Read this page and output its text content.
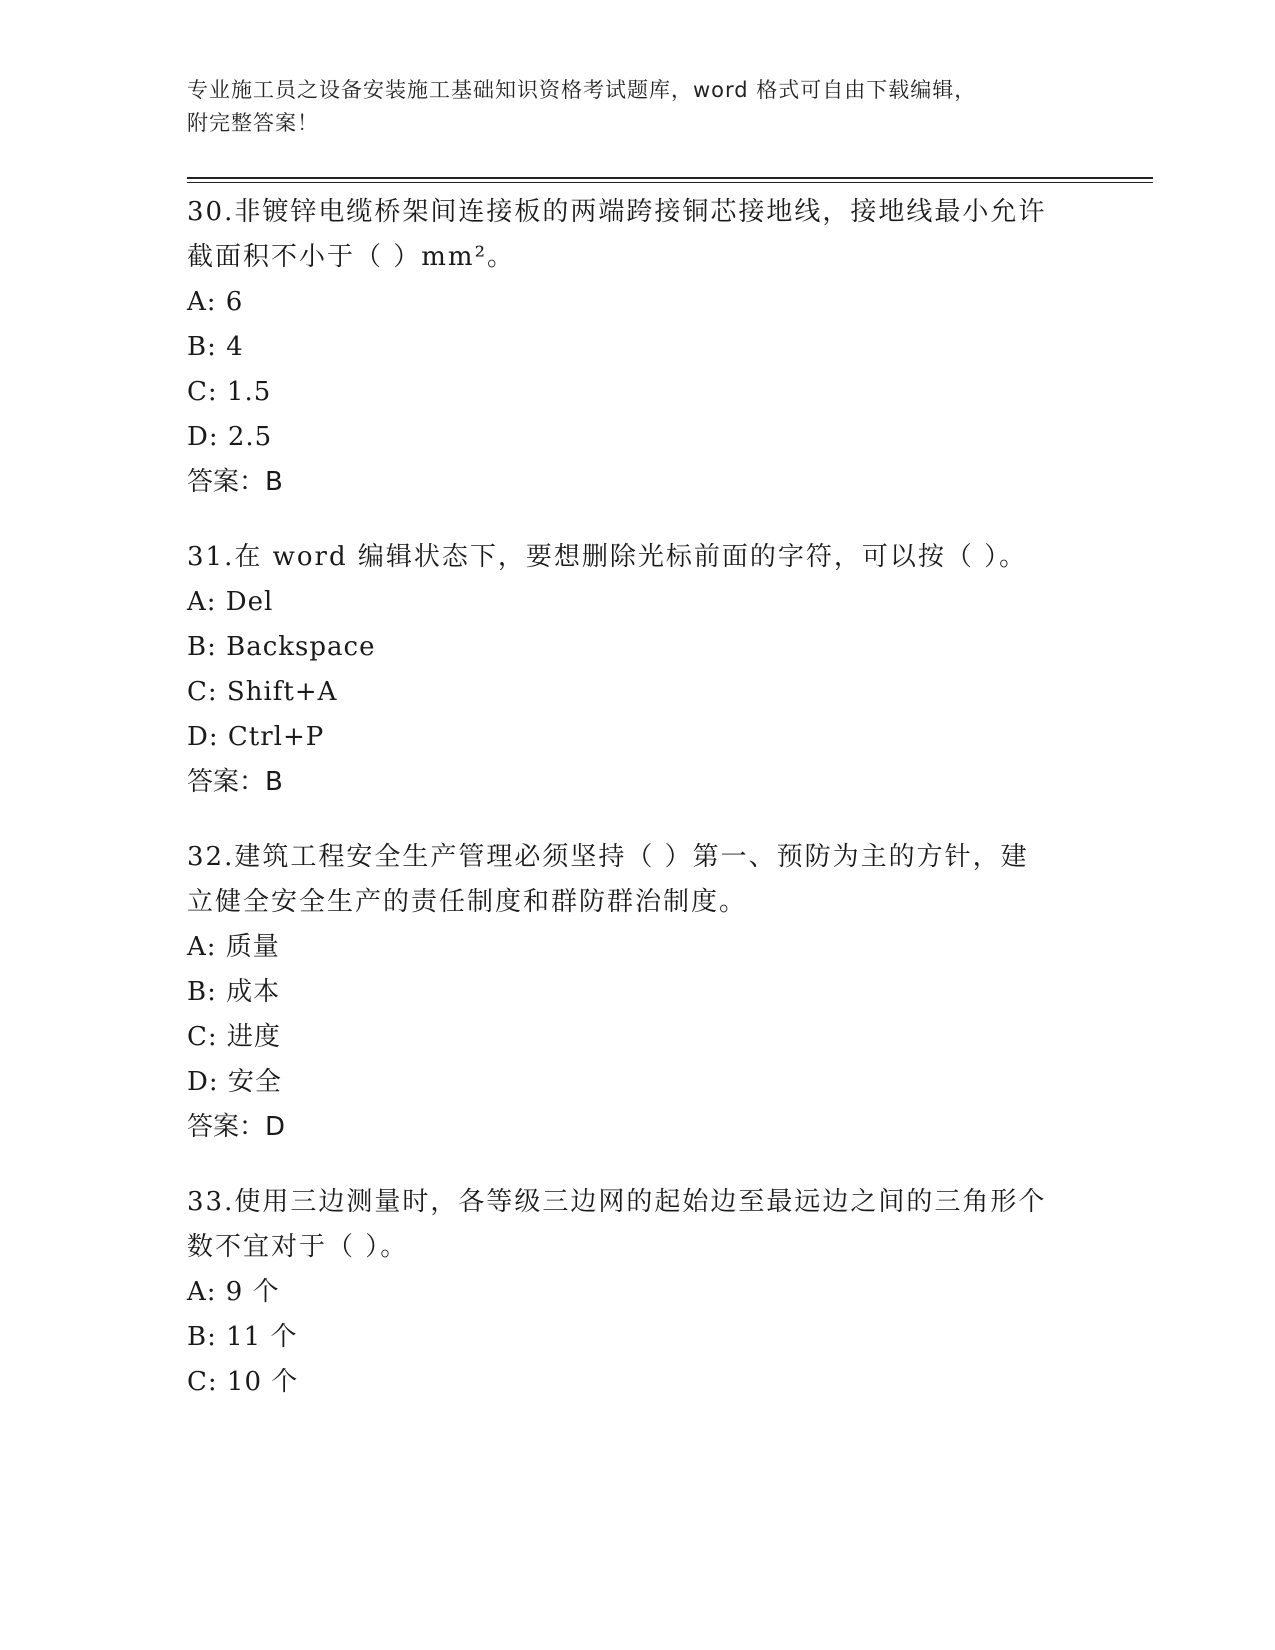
专业施工员之设备安装施工基础知识资格考试题库，word 格式可自由下载编辑，
附完整答案！

30.非镀锌电缆桥架间连接板的两端跨接铜芯接地线，接地线最小允许
截面积不小于（ ）mm²。

A: 6

B: 4

C: 1.5

D: 2.5

答案：B

31.在 word 编辑状态下，要想删除光标前面的字符，可以按（ ）。

A: Del

B: Backspace

C: Shift+A

D: Ctrl+P

答案：B

32.建筑工程安全生产管理必须坚持（ ）第一、预防为主的方针，建
立健全安全生产的责任制度和群防群治制度。

A: 质量

B: 成本

C: 进度

D: 安全

答案：D

33.使用三边测量时，各等级三边网的起始边至最远边之间的三角形个
数不宜对于（ ）。

A: 9 个

B: 11 个

C: 10 个
